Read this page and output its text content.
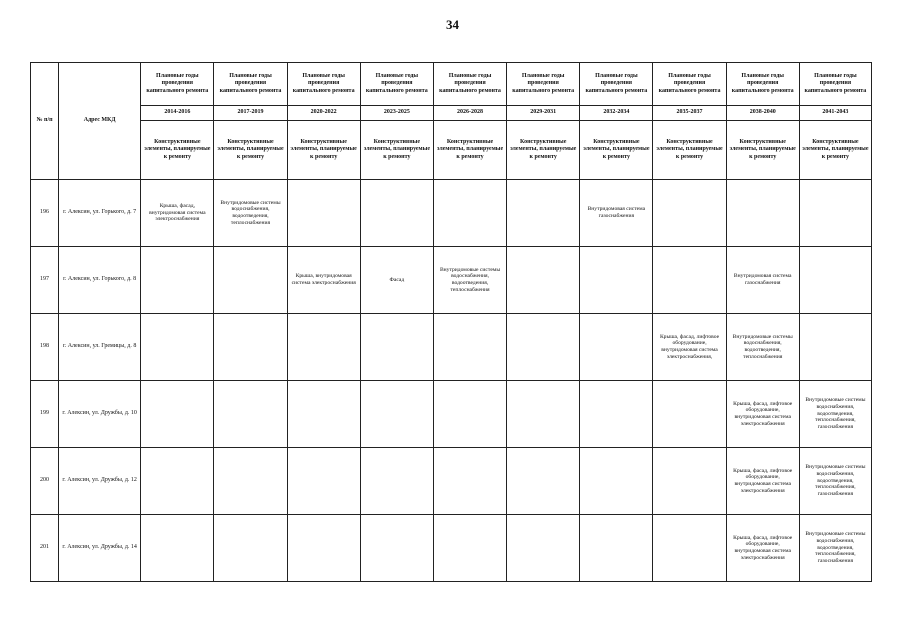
34
№ п/п	Адрес МКД	Плановые годы проведения капитального ремонта	Плановые годы проведения капитального ремонта	Плановые годы проведения капитального ремонта	Плановые годы проведения капитального ремонта	Плановые годы проведения капитального ремонта	Плановые годы проведения капитального ремонта	Плановые годы проведения капитального ремонта	Плановые годы проведения капитального ремонта	Плановые годы проведения капитального ремонта	Плановые годы проведения капитального ремонта
		2014-2016	2017-2019	2020-2022	2023-2025	2026-2028	2029-2031	2032-2034	2035-2037	2038-2040	2041-2043
		Конструктивные элементы, планируемые к ремонту	Конструктивные элементы, планируемые к ремонту	Конструктивные элементы, планируемые к ремонту	Конструктивные элементы, планируемые к ремонту	Конструктивные элементы, планируемые к ремонту	Конструктивные элементы, планируемые к ремонту	Конструктивные элементы, планируемые к ремонту	Конструктивные элементы, планируемые к ремонту	Конструктивные элементы, планируемые к ремонту	Конструктивные элементы, планируемые к ремонту
196	г. Алексин, ул. Горького, д. 7	Крыша, фасад, внутридомовая система электроснабжения	Внутридомовые системы водоснабжения, водоотведения, теплоснабжения					Внутридомовая система газоснабжения			
197	г. Алексин, ул. Горького, д. 8			Крыша, внутридомовая система электроснабжения	Фасад	Внутридомовые системы водоснабжения, водоотведения, теплоснабжения				Внутридомовая система газоснабжения	
198	г. Алексин, ул. Гремицы, д. 8								Крыша, фасад, лифтовое оборудование, внутридомовая система электроснабжения,	Внутридомовые системы водоснабжения, водоотведения, теплоснабжения	
199	г. Алексин, ул. Дружбы, д. 10									Крыша, фасад, лифтовое оборудование, внутридомовая система электроснабжения	Внутридомовые системы водоснабжения, водоотведения, теплоснабжения, газоснабжения
200	г. Алексин, ул. Дружбы, д. 12									Крыша, фасад, лифтовое оборудование, внутридомовая система электроснабжения	Внутридомовые системы водоснабжения, водоотведения, теплоснабжения, газоснабжения
201	г. Алексин, ул. Дружбы, д. 14									Крыша, фасад, лифтовое оборудование, внутридомовая система электроснабжения	Внутридомовые системы водоснабжения, водоотведения, теплоснабжения, газоснабжения
